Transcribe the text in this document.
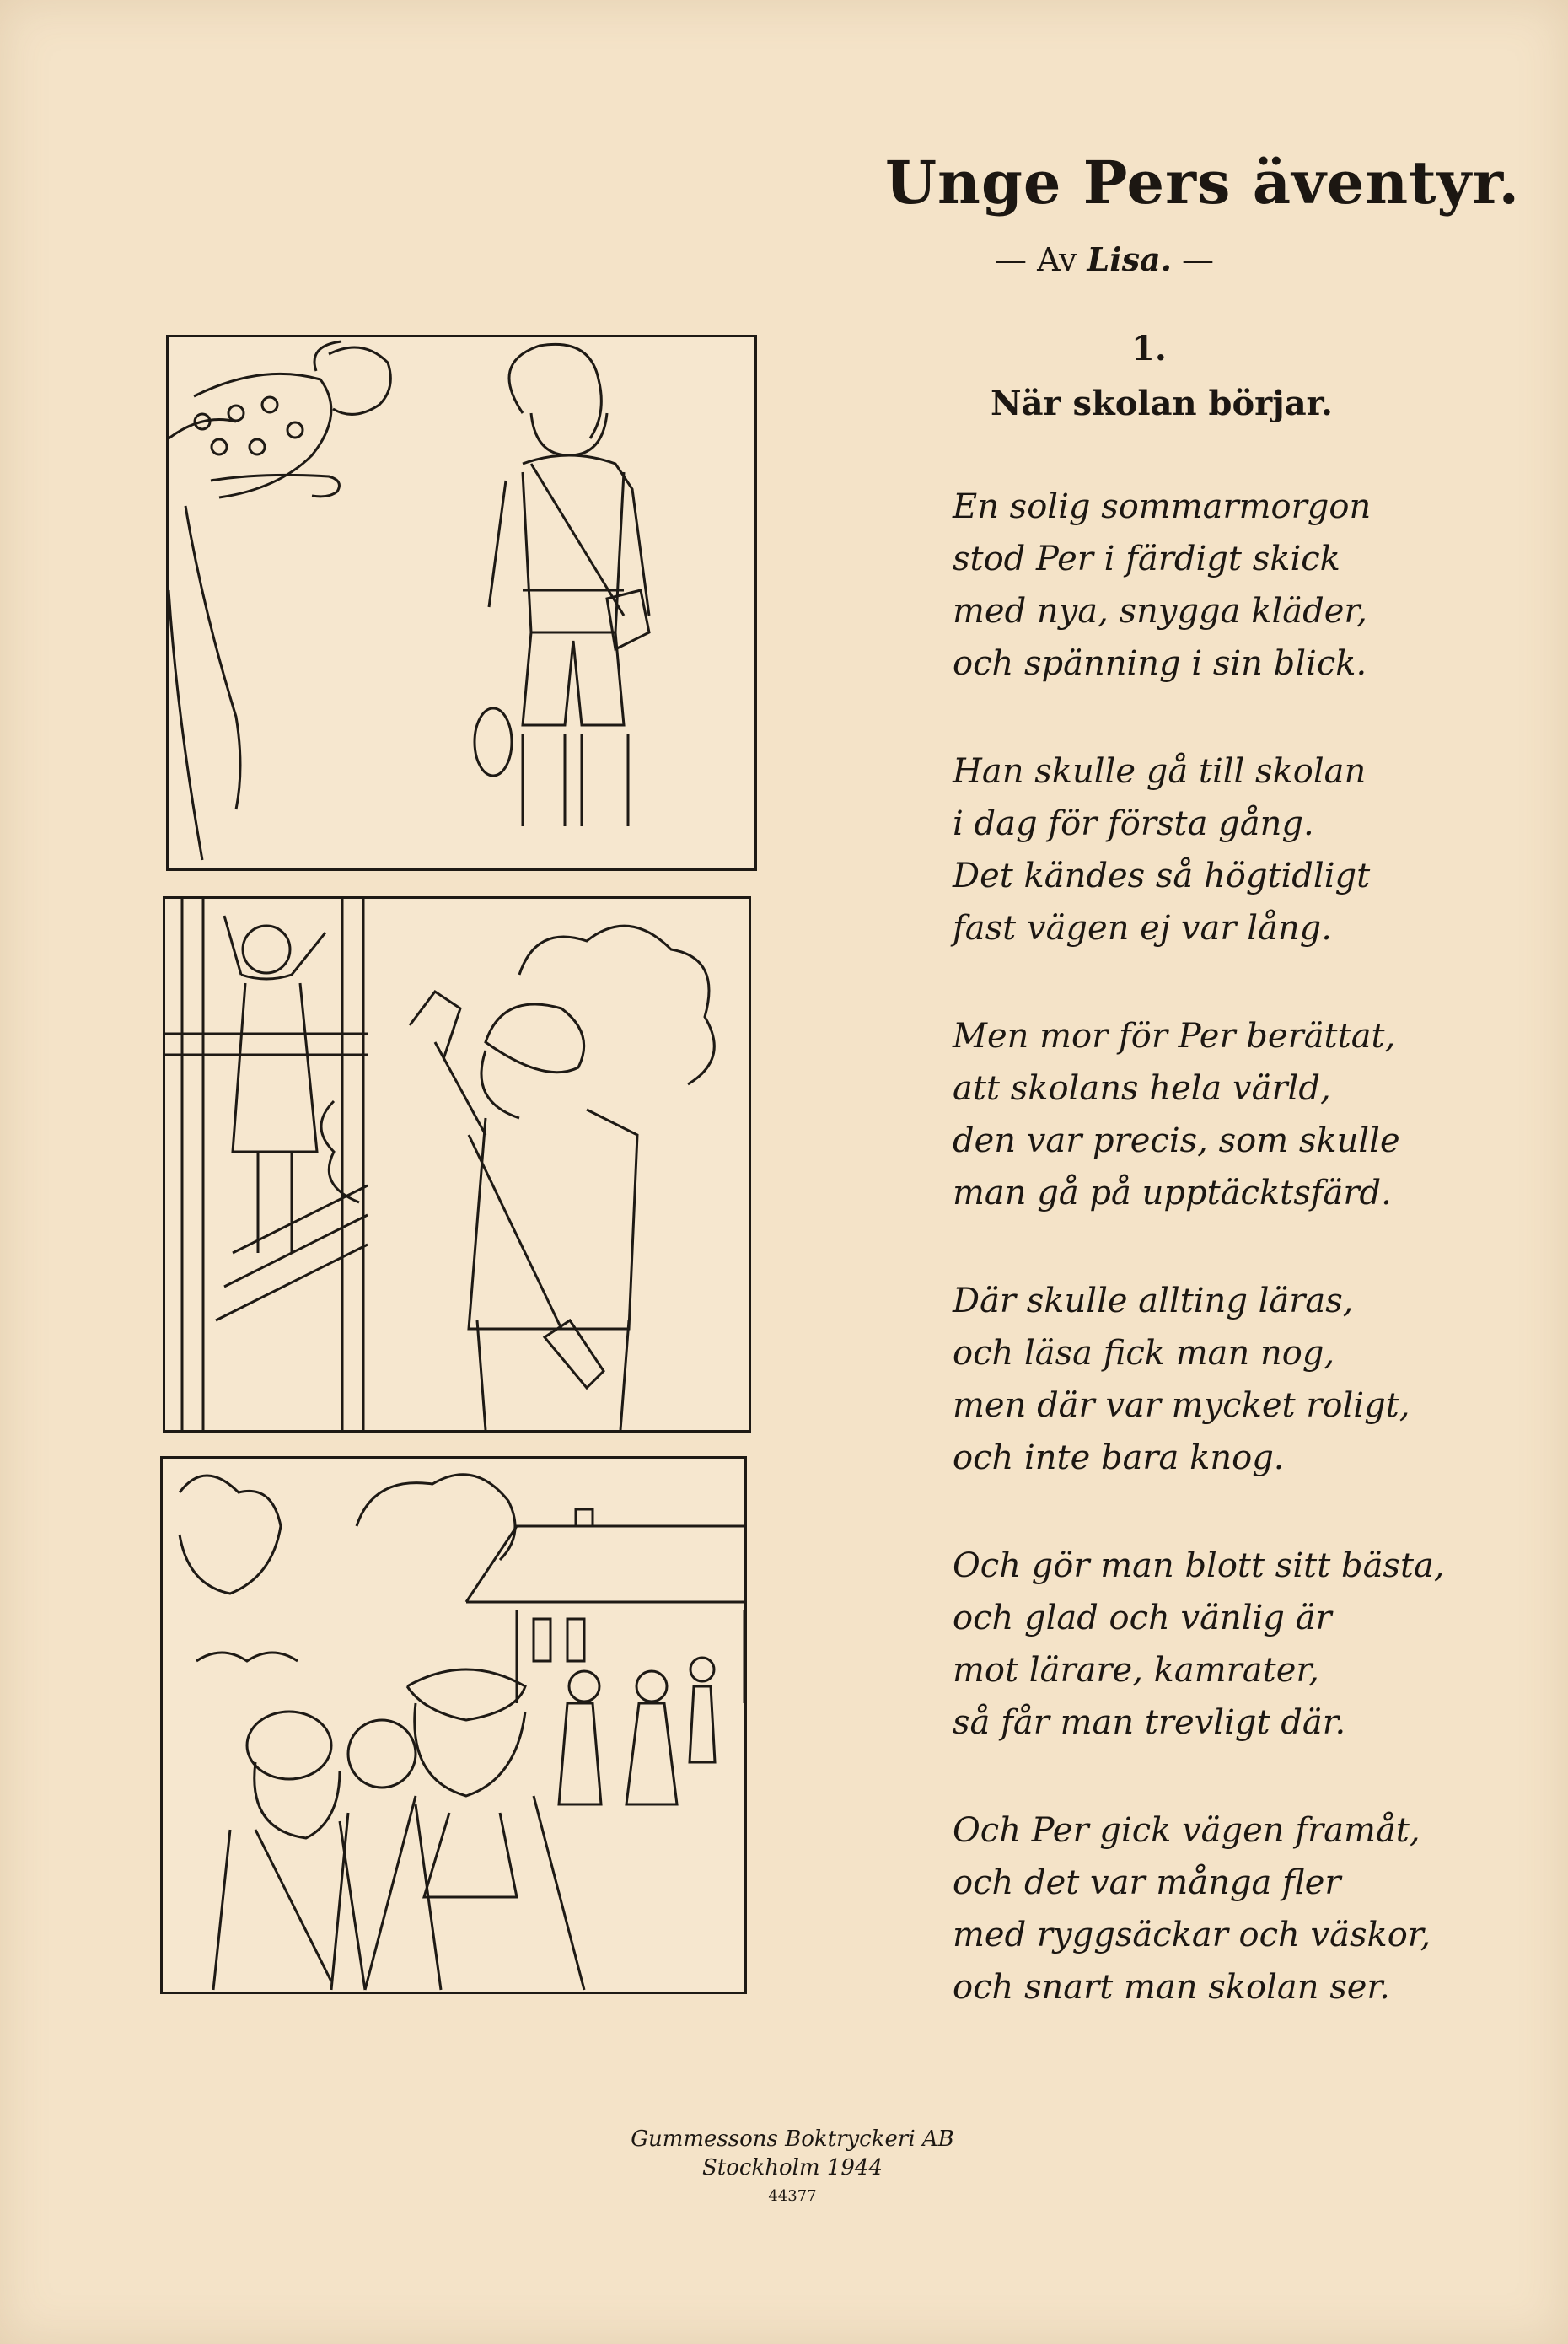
Unge Pers äventyr.
— Av Lisa. —
1.
När skolan börjar.
En solig sommarmorgon
stod Per i färdigt skick
med nya, snygga kläder,
och spänning i sin blick.
Han skulle gå till skolan
i dag för första gång.
Det kändes så högtidligt
fast vägen ej var lång.
Men mor för Per berättat,
att skolans hela värld,
den var precis, som skulle
man gå på upptäcktsfärd.
Där skulle allting läras,
och läsa fick man nog,
men där var mycket roligt,
och inte bara knog.
Och gör man blott sitt bästa,
och glad och vänlig är
mot lärare, kamrater,
så får man trevligt där.
Och Per gick vägen framåt,
och det var många fler
med ryggsäckar och väskor,
och snart man skolan ser.
Gummessons Boktryckeri AB
Stockholm 1944
44377
